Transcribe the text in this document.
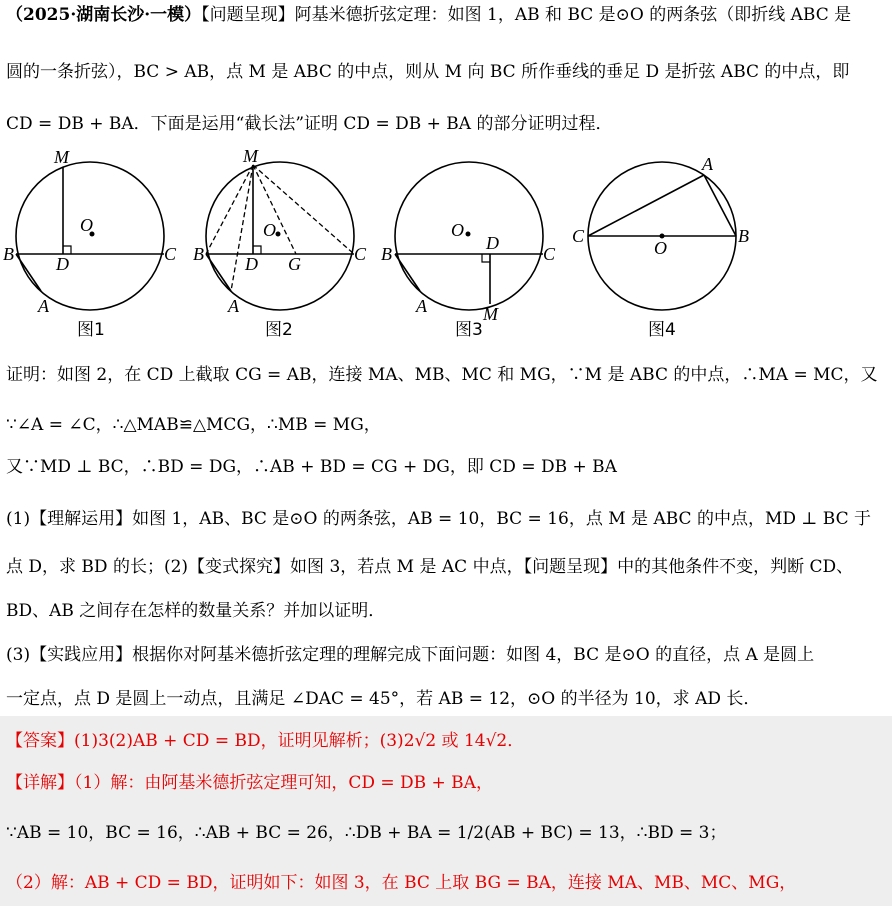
（2025·湖南长沙·一模）【问题呈现】阿基米德折弦定理：如图 1，AB 和 BC 是⊙O 的两条弦（即折线 ABC 是
圆的一条折弦），BC > AB，点 M 是 ABC 的中点，则从 M 向 BC 所作垂线的垂足 D 是折弦 ABC 的中点，即
CD = DB + BA．下面是运用“截长法”证明 CD = DB + BA 的部分证明过程．
M
O
B	C
D
A
图1
M
O
B	C
D G
A
图2
O
B	C
D
A	M
图3
A
C
O
B
图4
证明：如图 2，在 CD 上截取 CG = AB，连接 MA、MB、MC 和 MG，∵M 是 ABC 的中点，∴MA = MC，又
∵∠A = ∠C，∴△MAB≌△MCG，∴MB = MG，
又∵MD ⊥ BC，∴BD = DG，∴AB + BD = CG + DG，即 CD = DB + BA
(1)【理解运用】如图 1，AB、BC 是⊙O 的两条弦，AB = 10，BC = 16，点 M 是 ABC 的中点，MD ⊥ BC 于
点 D，求 BD 的长；(2)【变式探究】如图 3，若点 M 是 AC 中点，【问题呈现】中的其他条件不变，判断 CD、
BD、AB 之间存在怎样的数量关系？并加以证明．
(3)【实践应用】根据你对阿基米德折弦定理的理解完成下面问题：如图 4，BC 是⊙O 的直径，点 A 是圆上
一定点，点 D 是圆上一动点，且满足 ∠DAC = 45°，若 AB = 12，⊙O 的半径为 10，求 AD 长．
【答案】(1)3(2)AB + CD = BD，证明见解析；(3)2√2 或 14√2．
【详解】（1）解：由阿基米德折弦定理可知，CD = DB + BA，
∵AB = 10，BC = 16，∴AB + BC = 26，∴DB + BA = 1/2(AB + BC) = 13，∴BD = 3；
（2）解：AB + CD = BD，证明如下：如图 3，在 BC 上取 BG = BA，连接 MA、MB、MC、MG，
